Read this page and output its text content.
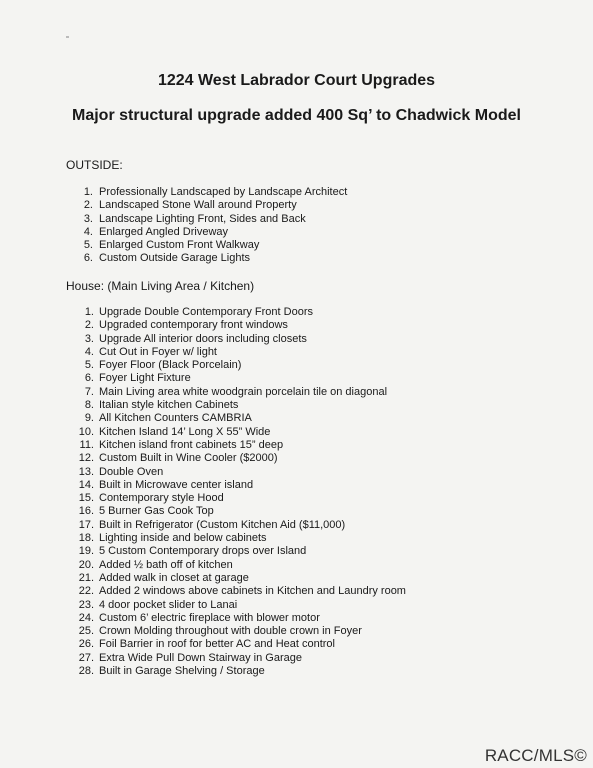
1224 West Labrador Court Upgrades
Major structural upgrade added 400 Sq’ to Chadwick Model
OUTSIDE:
1. Professionally Landscaped by Landscape Architect
2. Landscaped Stone Wall around Property
3. Landscape Lighting Front, Sides and Back
4. Enlarged Angled Driveway
5. Enlarged Custom Front Walkway
6. Custom Outside Garage Lights
House: (Main Living Area / Kitchen)
1. Upgrade Double Contemporary Front Doors
2. Upgraded contemporary front windows
3. Upgrade All interior doors including closets
4. Cut Out in Foyer w/ light
5. Foyer Floor (Black Porcelain)
6. Foyer Light Fixture
7. Main Living area white woodgrain porcelain tile on diagonal
8. Italian style kitchen Cabinets
9. All Kitchen Counters CAMBRIA
10. Kitchen Island 14’ Long X 55” Wide
11. Kitchen island front cabinets 15” deep
12. Custom Built in Wine Cooler ($2000)
13. Double Oven
14. Built in Microwave center island
15. Contemporary style Hood
16. 5 Burner Gas Cook Top
17. Built in Refrigerator (Custom Kitchen Aid ($11,000)
18. Lighting inside and below cabinets
19. 5 Custom Contemporary drops over Island
20. Added ½ bath off of kitchen
21. Added walk in closet at garage
22. Added 2 windows above cabinets in Kitchen and Laundry room
23. 4 door pocket slider to Lanai
24. Custom 6’ electric fireplace with blower motor
25. Crown Molding throughout with double crown in Foyer
26. Foil Barrier in roof for better AC and Heat control
27. Extra Wide Pull Down Stairway in Garage
28. Built in Garage Shelving / Storage
RACC/MLS©
